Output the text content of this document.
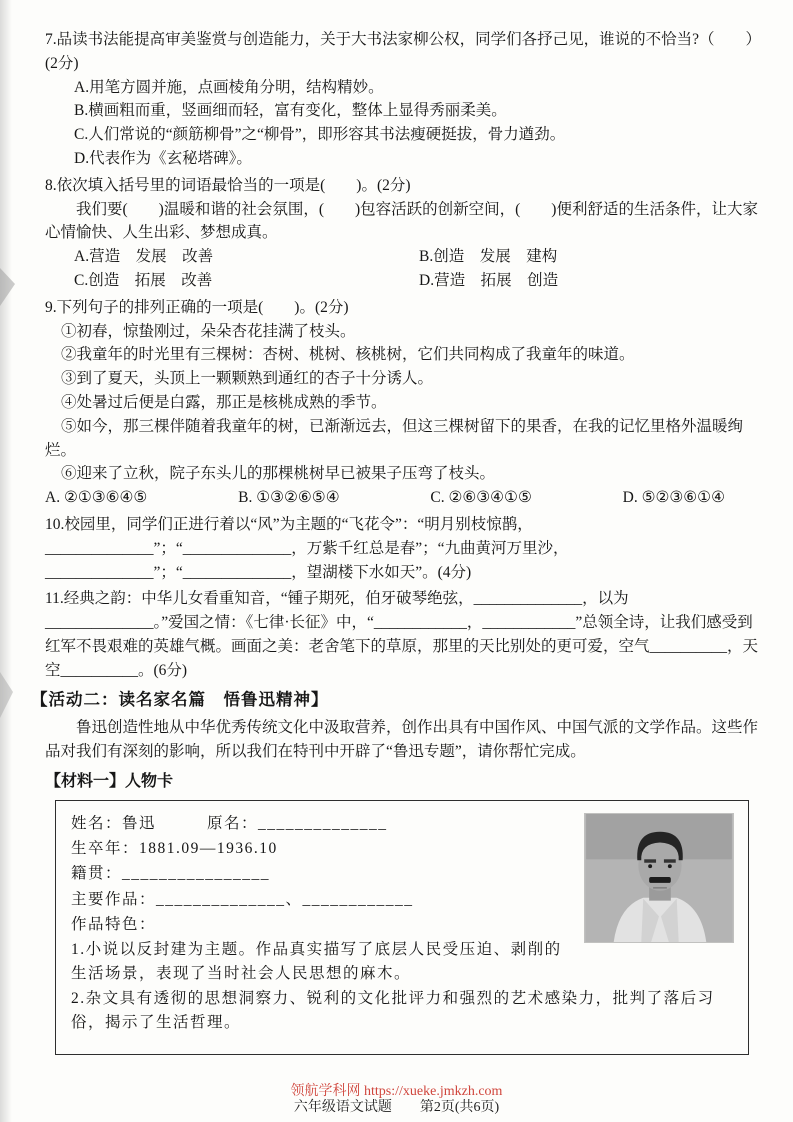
7.品读书法能提高审美鉴赏与创造能力，关于大书法家柳公权，同学们各抒己见，谁说的不恰当?（　　）(2分)

A.用笔方圆并施，点画棱角分明，结构精妙。

B.横画粗而重，竖画细而轻，富有变化，整体上显得秀丽柔美。

C.人们常说的“颜筋柳骨”之“柳骨”，即形容其书法瘦硬挺拔，骨力遒劲。

D.代表作为《玄秘塔碑》。

8.依次填入括号里的词语最恰当的一项是(　　)。(2分)

我们要(　　)温暖和谐的社会氛围，(　　)包容活跃的创新空间，(　　)便利舒适的生活条件，让大家心情愉快、人生出彩、梦想成真。

A.营造　发展　改善	B.创造　发展　建构

C.创造　拓展　改善	D.营造　拓展　创造

9.下列句子的排列正确的一项是(　　)。(2分)

①初春，惊蛰刚过，朵朵杏花挂满了枝头。

②我童年的时光里有三棵树：杏树、桃树、核桃树，它们共同构成了我童年的味道。

③到了夏天，头顶上一颗颗熟到通红的杏子十分诱人。

④处暑过后便是白露，那正是核桃成熟的季节。

⑤如今，那三棵伴随着我童年的树，已渐渐远去，但这三棵树留下的果香，在我的记忆里格外温暖绚烂。

⑥迎来了立秋，院子东头儿的那棵桃树早已被果子压弯了枝头。

A. ②①③⑥④⑤	B. ①③②⑥⑤④	C. ②⑥③④①⑤	D. ⑤②③⑥①④

10.校园里，同学们正进行着以“风”为主题的“飞花令”：“明月别枝惊鹊，______________”；“______________，万紫千红总是春”；“九曲黄河万里沙，______________”；“______________，望湖楼下水如天”。(4分)

11.经典之韵：中华儿女看重知音，“锺子期死，伯牙破琴绝弦，______________，以为______________。”爱国之情：《七律·长征》中，“____________，____________”总领全诗，让我们感受到红军不畏艰难的英雄气概。画面之美：老舍笔下的草原，那里的天比别处的更可爱，空气__________，天空__________。(6分)

【活动二：读名家名篇　悟鲁迅精神】

鲁迅创造性地从中华优秀传统文化中汲取营养，创作出具有中国作风、中国气派的文学作品。这些作品对我们有深刻的影响，所以我们在特刊中开辟了“鲁迅专题”，请你帮忙完成。

【材料一】人物卡

姓名：鲁迅　　　原名：______________

生卒年：1881.09—1936.10

籍贯：________________

主要作品：______________、____________

作品特色：

1.小说以反封建为主题。作品真实描写了底层人民受压迫、剥削的生活场景，表现了当时社会人民思想的麻木。

2.杂文具有透彻的思想洞察力、锐利的文化批评力和强烈的艺术感染力，批判了落后习俗，揭示了生活哲理。

领航学科网 https://xueke.jmkzh.com

六年级语文试题　　第2页(共6页)
